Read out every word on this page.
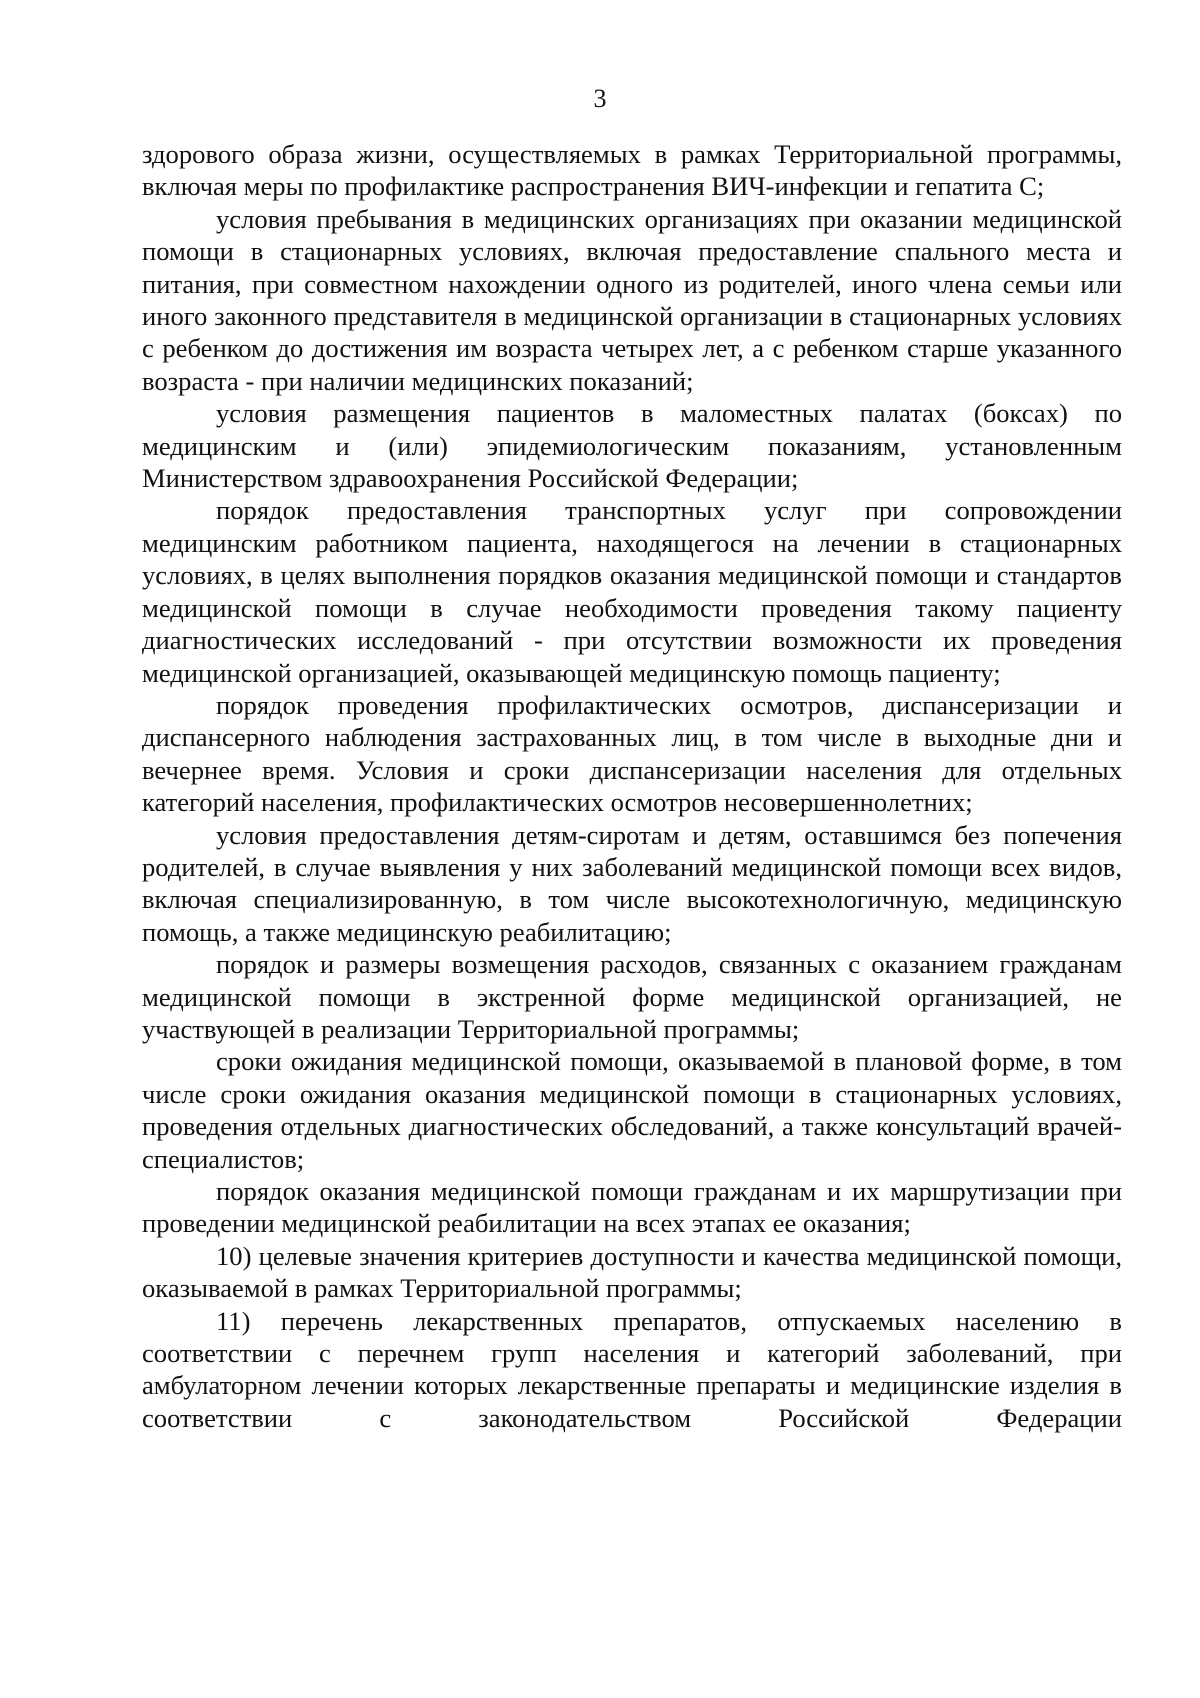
3

здорового образа жизни, осуществляемых в рамках Территориальной программы, включая меры по профилактике распространения ВИЧ-инфекции и гепатита С;

условия пребывания в медицинских организациях при оказании медицинской помощи в стационарных условиях, включая предоставление спального места и питания, при совместном нахождении одного из родителей, иного члена семьи или иного законного представителя в медицинской организации в стационарных условиях с ребенком до достижения им возраста четырех лет, а с ребенком старше указанного возраста - при наличии медицинских показаний;

условия размещения пациентов в маломестных палатах (боксах) по медицинским и (или) эпидемиологическим показаниям, установленным Министерством здравоохранения Российской Федерации;

порядок предоставления транспортных услуг при сопровождении медицинским работником пациента, находящегося на лечении в стационарных условиях, в целях выполнения порядков оказания медицинской помощи и стандартов медицинской помощи в случае необходимости проведения такому пациенту диагностических исследований - при отсутствии возможности их проведения медицинской организацией, оказывающей медицинскую помощь пациенту;

порядок проведения профилактических осмотров, диспансеризации и диспансерного наблюдения застрахованных лиц, в том числе в выходные дни и вечернее время. Условия и сроки диспансеризации населения для отдельных категорий населения, профилактических осмотров несовершеннолетних;

условия предоставления детям-сиротам и детям, оставшимся без попечения родителей, в случае выявления у них заболеваний медицинской помощи всех видов, включая специализированную, в том числе высокотехнологичную, медицинскую помощь, а также медицинскую реабилитацию;

порядок и размеры возмещения расходов, связанных с оказанием гражданам медицинской помощи в экстренной форме медицинской организацией, не участвующей в реализации Территориальной программы;

сроки ожидания медицинской помощи, оказываемой в плановой форме, в том числе сроки ожидания оказания медицинской помощи в стационарных условиях, проведения отдельных диагностических обследований, а также консультаций врачей-специалистов;

порядок оказания медицинской помощи гражданам и их маршрутизации при проведении медицинской реабилитации на всех этапах ее оказания;

10) целевые значения критериев доступности и качества медицинской помощи, оказываемой в рамках Территориальной программы;

11) перечень лекарственных препаратов, отпускаемых населению в соответствии с перечнем групп населения и категорий заболеваний, при амбулаторном лечении которых лекарственные препараты и медицинские изделия в соответствии с законодательством Российской Федерации
